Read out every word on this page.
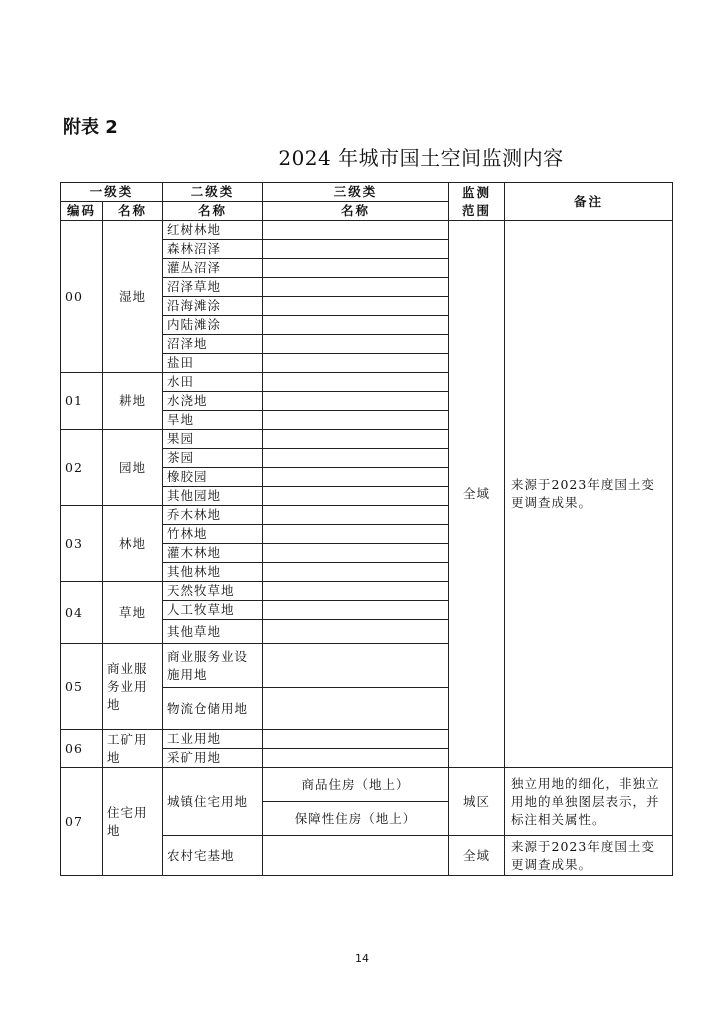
附表 2
2024 年城市国土空间监测内容
一级类		二级类	三级类	监测范围	备注
编码	名称	名称	名称		
00	湿地	红树林地		全域	来源于2023年度国土变更调查成果。
		森林沼泽			
		灌丛沼泽			
		沼泽草地			
		沿海滩涂			
		内陆滩涂			
		沼泽地			
		盐田			
01	耕地	水田			
		水浇地			
		旱地			
02	园地	果园			
		茶园			
		橡胶园			
		其他园地			
03	林地	乔木林地			
		竹林地			
		灌木林地			
		其他林地			
04	草地	天然牧草地			
		人工牧草地			
		其他草地			
05	商业服务业用地	商业服务业设施用地			
		物流仓储用地			
06	工矿用地	工业用地			
		采矿用地			
07	住宅用地	城镇住宅用地	商品住房（地上）	城区	独立用地的细化，非独立用地的单独图层表示，并标注相关属性。
			保障性住房（地上）		
		农村宅基地		全域	来源于2023年度国土变更调查成果。
14
